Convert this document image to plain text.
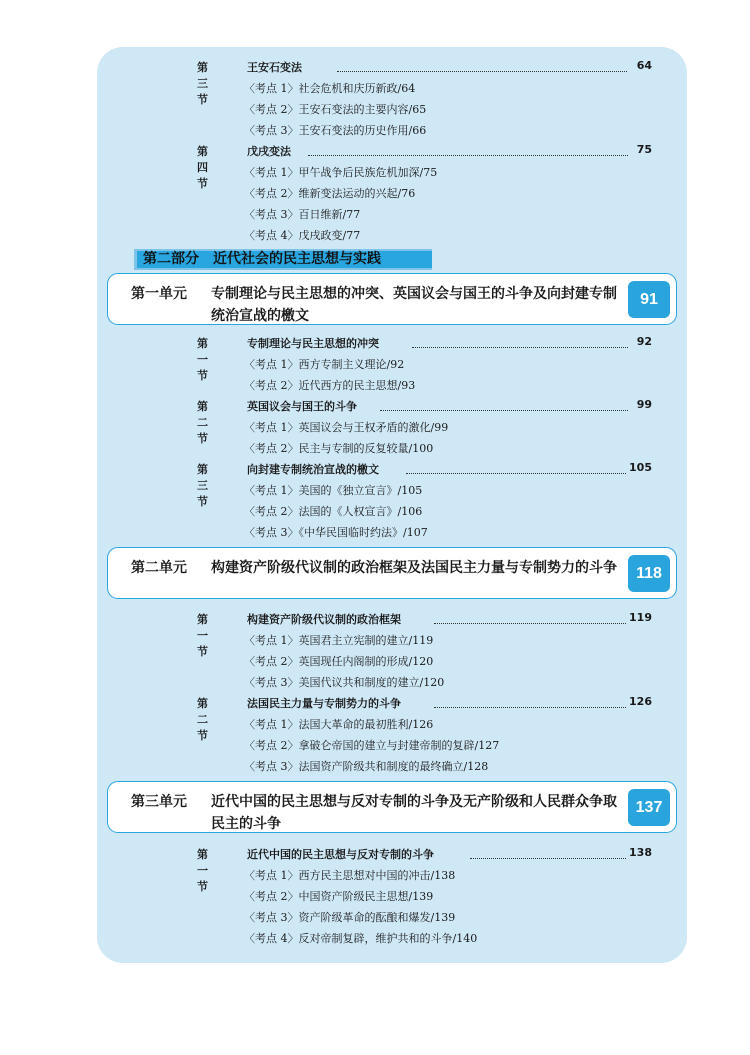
第三节
王安石变法	64
〈考点 1〉社会危机和庆历新政/64
〈考点 2〉王安石变法的主要内容/65
〈考点 3〉王安石变法的历史作用/66
第四节
戊戌变法	75
〈考点 1〉甲午战争后民族危机加深/75
〈考点 2〉维新变法运动的兴起/76
〈考点 3〉百日维新/77
〈考点 4〉戊戌政变/77
第二部分　近代社会的民主思想与实践
第一单元 专制理论与民主思想的冲突、英国议会与国王的斗争及向封建专制统治宣战的檄文
91
第一节
专制理论与民主思想的冲突	92
〈考点 1〉西方专制主义理论/92
〈考点 2〉近代西方的民主思想/93
第二节
英国议会与国王的斗争	99
〈考点 1〉英国议会与王权矛盾的激化/99
〈考点 2〉民主与专制的反复较量/100
第三节
向封建专制统治宣战的檄文	105
〈考点 1〉美国的《独立宣言》/105
〈考点 2〉法国的《人权宣言》/106
〈考点 3〉《中华民国临时约法》/107
第二单元 构建资产阶级代议制的政治框架及法国民主力量与专制势力的斗争	118
第一节
构建资产阶级代议制的政治框架	119
〈考点 1〉英国君主立宪制的建立/119
〈考点 2〉英国现任内阁制的形成/120
〈考点 3〉美国代议共和制度的建立/120
第二节
法国民主力量与专制势力的斗争	126
〈考点 1〉法国大革命的最初胜利/126
〈考点 2〉拿破仑帝国的建立与封建帝制的复辟/127
〈考点 3〉法国资产阶级共和制度的最终确立/128
第三单元 近代中国的民主思想与反对专制的斗争及无产阶级和人民群众争取民主的斗争
137
第一节
近代中国的民主思想与反对专制的斗争	138
〈考点 1〉西方民主思想对中国的冲击/138
〈考点 2〉中国资产阶级民主思想/139
〈考点 3〉资产阶级革命的酝酿和爆发/139
〈考点 4〉反对帝制复辟，维护共和的斗争/140
